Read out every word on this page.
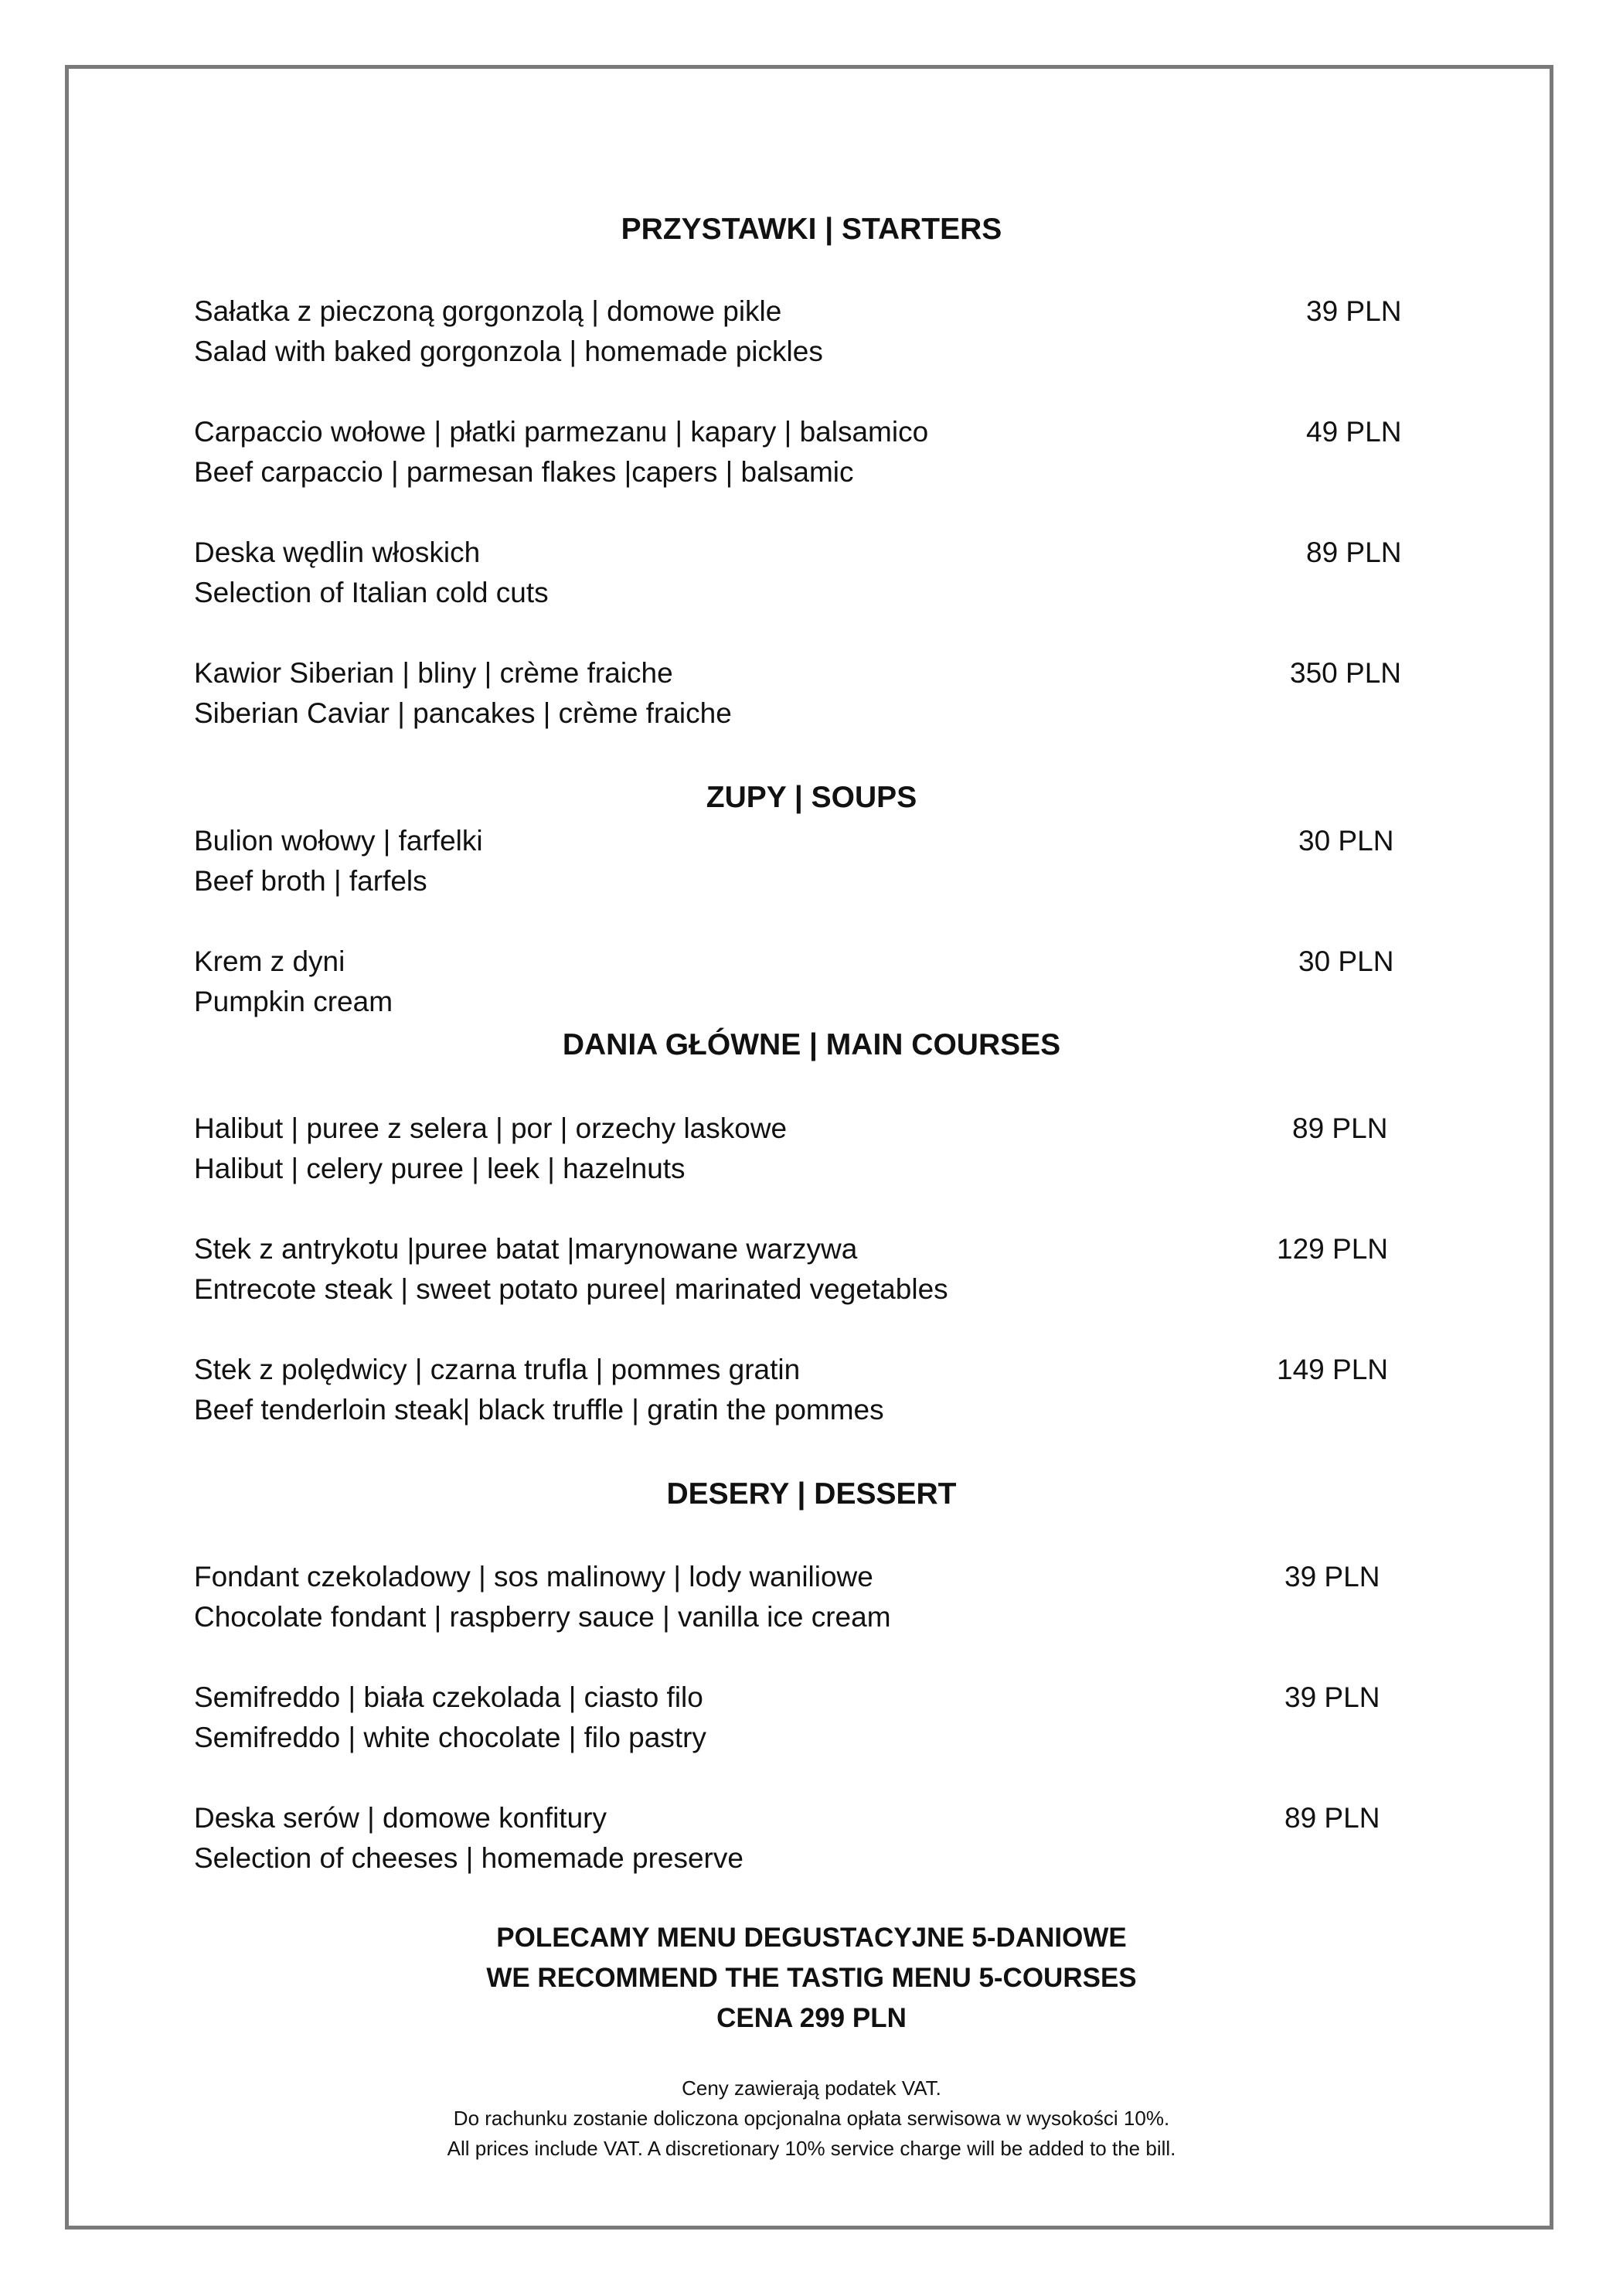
PRZYSTAWKI | STARTERS
Sałatka z pieczoną gorgonzolą | domowe pikle
Salad with baked gorgonzola | homemade pickles
39 PLN
Carpaccio wołowe | płatki parmezanu | kapary | balsamico
Beef carpaccio | parmesan flakes |capers | balsamic
49 PLN
Deska wędlin włoskich
Selection of Italian cold cuts
89 PLN
Kawior Siberian | bliny | crème fraiche
Siberian Caviar | pancakes | crème fraiche
350 PLN
ZUPY | SOUPS
Bulion wołowy | farfelki
Beef broth | farfels
30 PLN
Krem z dyni
Pumpkin cream
30 PLN
DANIA GŁÓWNE | MAIN COURSES
Halibut | puree z selera | por | orzechy laskowe
Halibut | celery puree | leek | hazelnuts
89 PLN
Stek z antrykotu |puree batat |marynowane warzywa
Entrecote steak | sweet potato puree| marinated vegetables
129 PLN
Stek z polędwicy | czarna trufla | pommes gratin
Beef tenderloin steak| black truffle | gratin the pommes
149 PLN
DESERY | DESSERT
Fondant czekoladowy | sos malinowy | lody waniliowe
Chocolate fondant | raspberry sauce | vanilla ice cream
39 PLN
Semifreddo | biała czekolada | ciasto filo
Semifreddo | white chocolate | filo pastry
39 PLN
Deska serów | domowe konfitury
Selection of cheeses | homemade preserve
89 PLN
POLECAMY MENU DEGUSTACYJNE 5-DANIOWE
WE RECOMMEND THE TASTIG MENU 5-COURSES
CENA 299 PLN
Ceny zawierają podatek VAT.
Do rachunku zostanie doliczona opcjonalna opłata serwisowa w wysokości 10%.
All prices include VAT. A discretionary 10% service charge will be added to the bill.
